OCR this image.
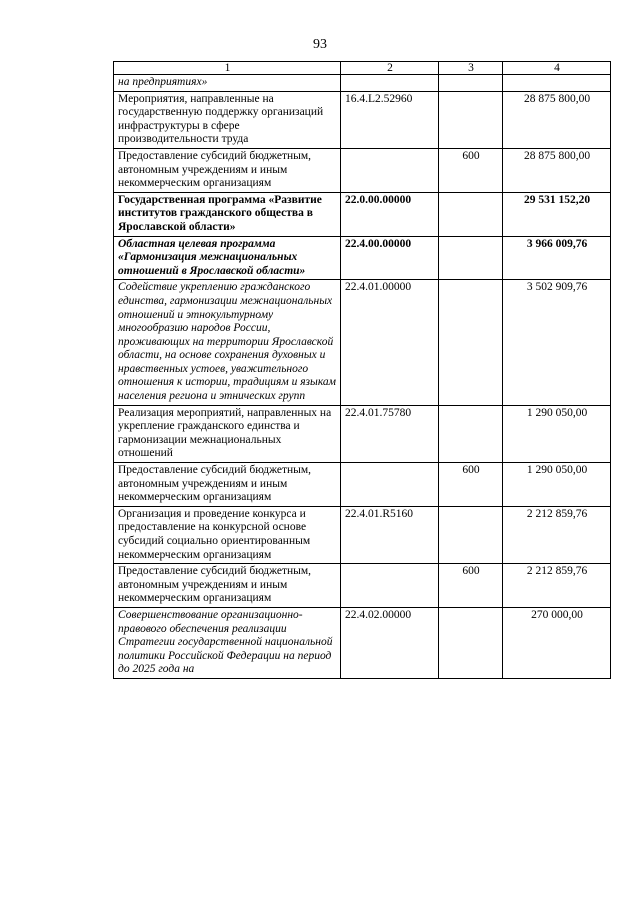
93
1	2	3	4
на предприятиях»			
Мероприятия, направленные на государственную поддержку организаций инфраструктуры в сфере производительности труда	16.4.L2.52960		28 875 800,00
Предоставление субсидий бюджетным, автономным учреждениям и иным некоммерческим организациям		600	28 875 800,00
Государственная программа «Развитие институтов гражданского общества в Ярославской области»	22.0.00.00000		29 531 152,20
Областная целевая программа «Гармонизация межнациональных отношений в Ярославской области»	22.4.00.00000		3 966 009,76
Содействие укреплению гражданского единства, гармонизации межнациональных отношений и этнокультурному многообразию народов России, проживающих на территории Ярославской области, на основе сохранения духовных и нравственных устоев, уважительного отношения к истории, традициям и языкам населения региона и этнических групп	22.4.01.00000		3 502 909,76
Реализация мероприятий, направленных на укрепление гражданского единства и гармонизации межнациональных отношений	22.4.01.75780		1 290 050,00
Предоставление субсидий бюджетным, автономным учреждениям и иным некоммерческим организациям		600	1 290 050,00
Организация и проведение конкурса и предоставление на конкурсной основе субсидий социально ориентированным некоммерческим организациям	22.4.01.R5160		2 212 859,76
Предоставление субсидий бюджетным, автономным учреждениям и иным некоммерческим организациям		600	2 212 859,76
Совершенствование организационно-правового обеспечения реализации Стратегии государственной национальной политики Российской Федерации на период до 2025 года на	22.4.02.00000		270 000,00
